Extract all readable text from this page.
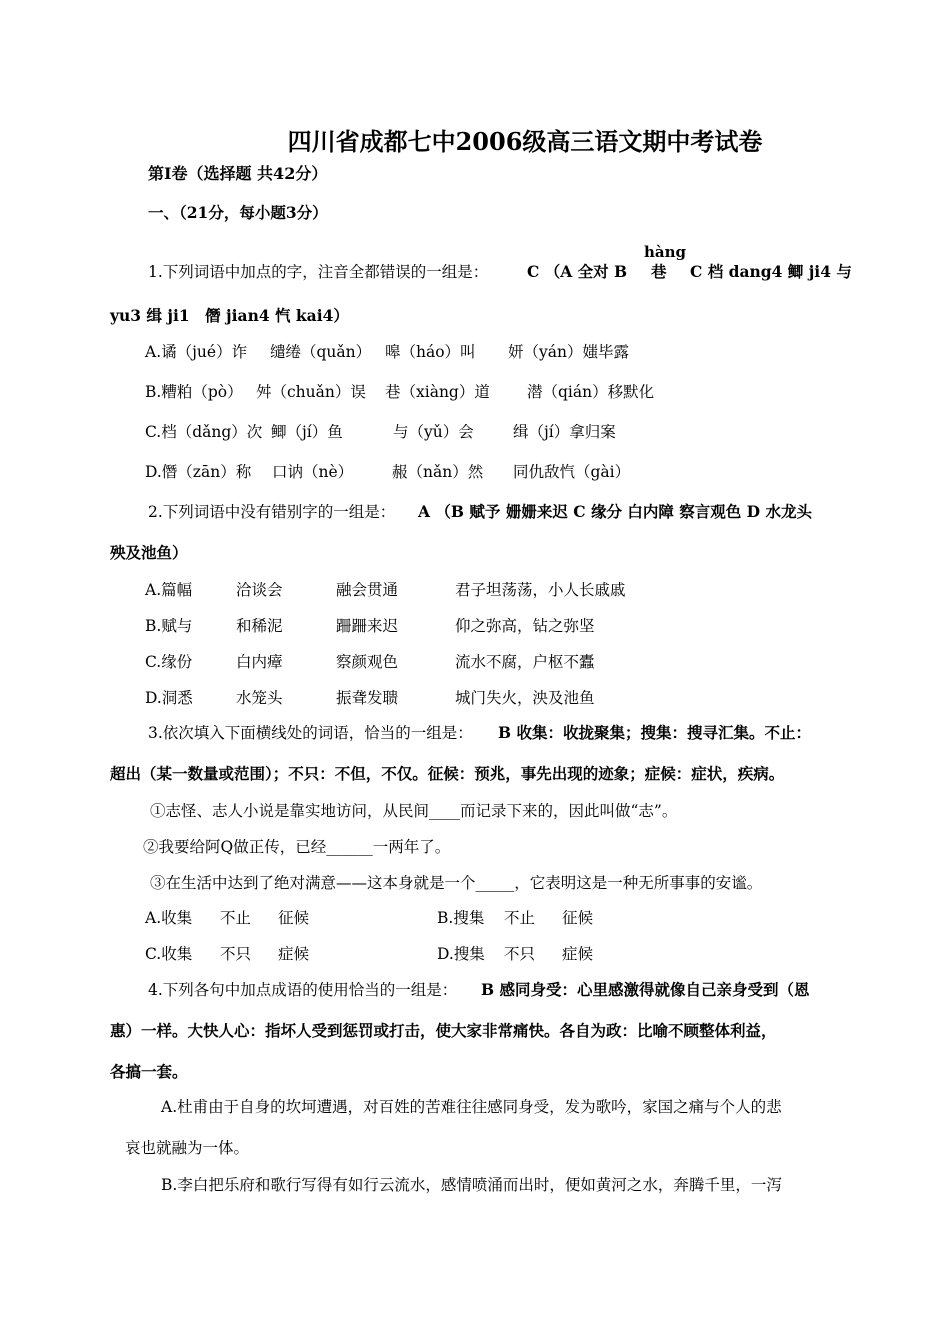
四川省成都七中2006级高三语文期中考试卷
第Ⅰ卷（选择题 共42分）
一、（21分，每小题3分）
hàng
1.下列词语中加点的字，注音全都错误的一组是： C （A 全对 B 巷 C 档 dang4 鲫 ji4 与
yu3 缉 ji1　僭 jian4 忾 kai4）
A.谲（jué）诈 缱绻（quǎn） 嗥（háo）叫 妍（yán）媸毕露
B.糟粕（pò） 舛（chuǎn）误 巷（xiàng）道 潜（qián）移默化
C.档（dǎng）次 鲫（jí）鱼	与（yǔ）会	缉（jí）拿归案
D.僭（zān）称 口讷（nè）	赧（nǎn）然 同仇敌忾（gài）
2.下列词语中没有错别字的一组是： A （B 赋予 姗姗来迟 C 缘分 白内障 察言观色 D 水龙头
殃及池鱼）
A.篇幅	洽谈会	融会贯通	君子坦荡荡，小人长戚戚
B.赋与	和稀泥	跚跚来迟	仰之弥高，钻之弥坚
C.缘份	白内瘴	察颜观色	流水不腐，户枢不蠹
D.洞悉	水笼头	振聋发聩	城门失火，泱及池鱼
3.依次填入下面横线处的词语，恰当的一组是： B 收集：收拢聚集；搜集：搜寻汇集。不止：
超出（某一数量或范围）；不只：不但，不仅。征候：预兆，事先出现的迹象；症候：症状，疾病。
①志怪、志人小说是靠实地访问，从民间____而记录下来的，因此叫做“志”。
②我要给阿Q做正传，已经______一两年了。
③在生活中达到了绝对满意——这本身就是一个_____，它表明这是一种无所事事的安谧。
A.收集 不止 征候	B.搜集 不止 征候
C.收集 不只 症候	D.搜集 不只 症候
4.下列各句中加点成语的使用恰当的一组是： B 感同身受：心里感激得就像自己亲身受到（恩
惠）一样。大快人心：指坏人受到惩罚或打击，使大家非常痛快。各自为政：比喻不顾整体利益，
各搞一套。
A.杜甫由于自身的坎坷遭遇，对百姓的苦难往往感同身受，发为歌吟，家国之痛与个人的悲
哀也就融为一体。
B.李白把乐府和歌行写得有如行云流水，感情喷涌而出时，便如黄河之水，奔腾千里，一泻
